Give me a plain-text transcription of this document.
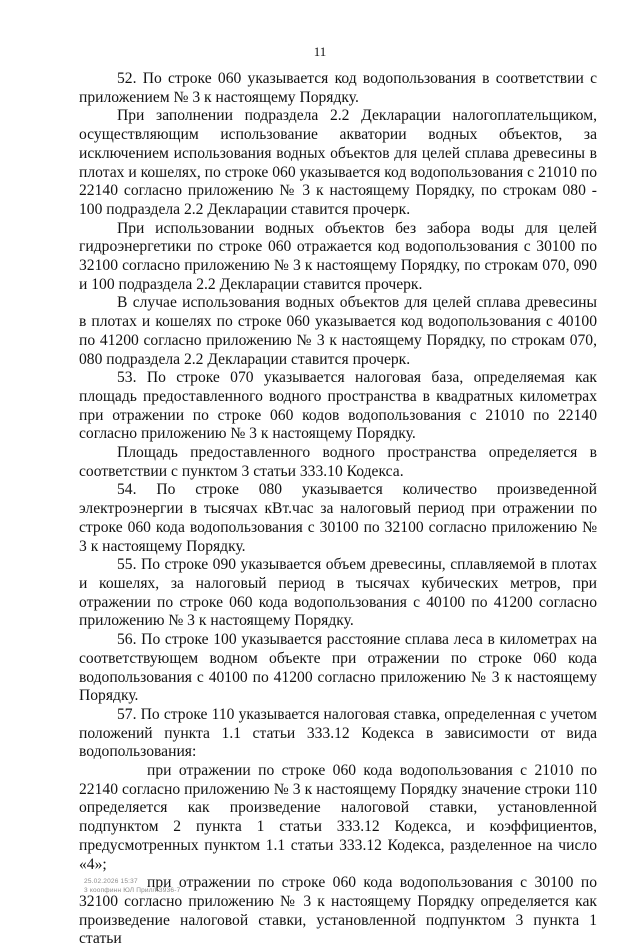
11

52. По строке 060 указывается код водопользования в соответствии с приложением № 3 к настоящему Порядку.

При заполнении подраздела 2.2 Декларации налогоплательщиком, осуществляющим использование акватории водных объектов, за исключением использования водных объектов для целей сплава древесины в плотах и кошелях, по строке 060 указывается код водопользования с 21010 по 22140 согласно приложению № 3 к настоящему Порядку, по строкам 080 - 100 подраздела 2.2 Декларации ставится прочерк.

При использовании водных объектов без забора воды для целей гидроэнергетики по строке 060 отражается код водопользования с 30100 по 32100 согласно приложению № 3 к настоящему Порядку, по строкам 070, 090 и 100 подраздела 2.2 Декларации ставится прочерк.

В случае использования водных объектов для целей сплава древесины в плотах и кошелях по строке 060 указывается код водопользования с 40100 по 41200 согласно приложению № 3 к настоящему Порядку, по строкам 070, 080 подраздела 2.2 Декларации ставится прочерк.

53. По строке 070 указывается налоговая база, определяемая как площадь предоставленного водного пространства в квадратных километрах при отражении по строке 060 кодов водопользования с 21010 по 22140 согласно приложению № 3 к настоящему Порядку.

Площадь предоставленного водного пространства определяется в соответствии с пунктом 3 статьи 333.10 Кодекса.

54. По строке 080 указывается количество произведенной электроэнергии в тысячах кВт.час за налоговый период при отражении по строке 060 кода водопользования с 30100 по 32100 согласно приложению № 3 к настоящему Порядку.

55. По строке 090 указывается объем древесины, сплавляемой в плотах и кошелях, за налоговый период в тысячах кубических метров, при отражении по строке 060 кода водопользования с 40100 по 41200 согласно приложению № 3 к настоящему Порядку.

56. По строке 100 указывается расстояние сплава леса в километрах на соответствующем водном объекте при отражении по строке 060 кода водопользования с 40100 по 41200 согласно приложению № 3 к настоящему Порядку.

57. По строке 110 указывается налоговая ставка, определенная с учетом положений пункта 1.1 статьи 333.12 Кодекса в зависимости от вида водопользования:

при отражении по строке 060 кода водопользования с 21010 по 22140 согласно приложению № 3 к настоящему Порядку значение строки 110 определяется как произведение налоговой ставки, установленной подпунктом 2 пункта 1 статьи 333.12 Кодекса, и коэффициентов, предусмотренных пунктом 1.1 статьи 333.12 Кодекса, разделенное на число «4»;

при отражении по строке 060 кода водопользования с 30100 по 32100 согласно приложению № 3 к настоящему Порядку определяется как произведение налоговой ставки, установленной подпунктом 3 пункта 1 статьи

25.02.2026 15:37
3 коопфинн ЮЛ Прил/КЗ936-7
